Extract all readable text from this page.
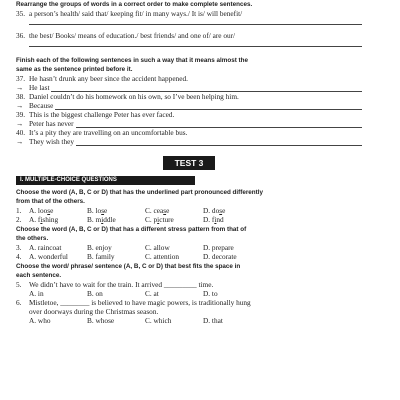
Rearrange the groups of words in a correct order to make complete sentences.
35. a person’s health/ said that/ keeping fit/ in many ways./ It is/ will benefit/
36. the best/ Books/ means of education./ best friends/ and one of/ are our/
Finish each of the following sentences in such a way that it means almost the
same as the sentence printed before it.
37. He hasn’t drunk any beer since the accident happened.
→ He last
38. Daniel couldn’t do his homework on his own, so I’ve been helping him.
→ Because
39. This is the biggest challenge Peter has ever faced.
→ Peter has never
40. It’s a pity they are travelling on an uncomfortable bus.
→ They wish they
TEST 3
I. MULTIPLE-CHOICE QUESTIONS
Choose the word (A, B, C or D) that has the underlined part pronounced differently
from that of the others.
1.	A. loose	B. lose	C. cease	D. dose
2.	A. fishing	B. middle	C. picture	D. find
Choose the word (A, B, C or D) that has a different stress pattern from that of
the others.
3.	A. raincoat	B. enjoy	C. allow	D. prepare
4.	A. wonderful	B. family	C. attention	D. decorate
Choose the word/ phrase/ sentence (A, B, C or D) that best fits the space in
each sentence.
5. We didn’t have to wait for the train. It arrived _________ time.
A. in	B. on	C. at	D. to
6. Mistletoe, ________ is believed to have magic powers, is traditionally hung
over doorways during the Christmas season.
A. who	B. whose	C. which	D. that
